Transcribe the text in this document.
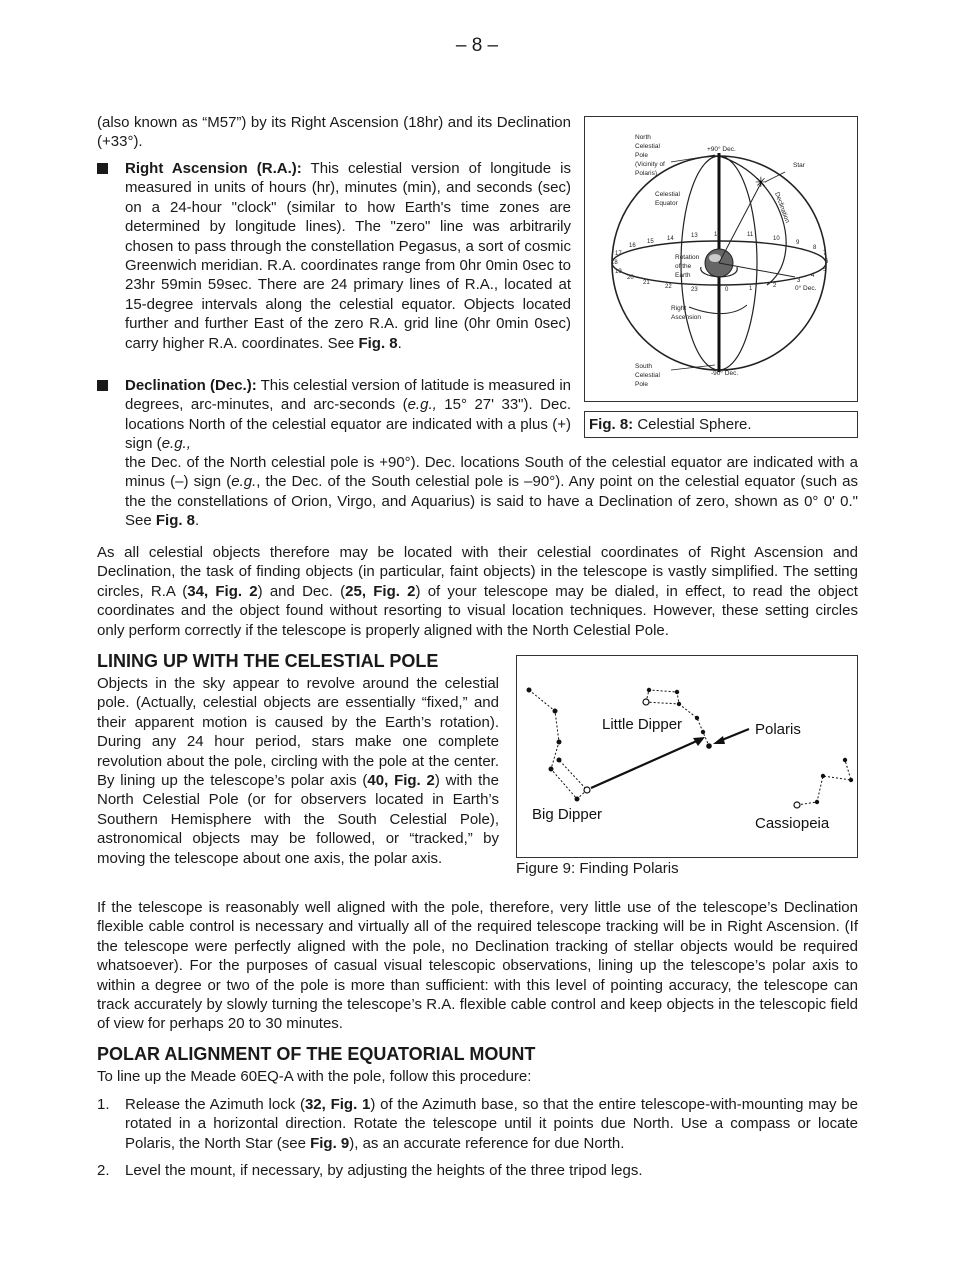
– 8 –

(also known as “M57”) by its Right Ascension (18hr) and its Declination (+33°).

Right Ascension (R.A.): This celestial version of longitude is measured in units of hours (hr), minutes (min), and seconds (sec) on a 24-hour "clock" (similar to how Earth's time zones are determined by longitude lines). The "zero" line was arbitrarily chosen to pass through the constellation Pegasus, a sort of cosmic Greenwich meridian. R.A. coordinates range from 0hr 0min 0sec to 23hr 59min 59sec. There are 24 primary lines of R.A., located at 15-degree intervals along the celestial equator. Objects located further and further East of the zero R.A. grid line (0hr 0min 0sec) carry higher R.A. coordinates. See Fig. 8.

Declination (Dec.): This celestial version of latitude is measured in degrees, arc-minutes, and arc-seconds (e.g., 15° 27' 33"). Dec. locations North of the celestial equator are indicated with a plus (+) sign (e.g.,

the Dec. of the North celestial pole is +90°). Dec. locations South of the celestial equator are indicated with a minus (–) sign (e.g., the Dec. of the South celestial pole is –90°). Any point on the celestial equator (such as the the constellations of Orion, Virgo, and Aquarius) is said to have a Declination of zero, shown as 0° 0' 0." See Fig. 8.

✳
North
Celestial
Pole
(Vicinity of
Polaris)
+90° Dec.
Star
Celestial
Equator	Declination
Rotation
of the
Earth
Right
Ascension
0° Dec.
South
Celestial
Pole
-90° Dec.
17
18
19
16
15 14	13	12	11
10
9
8
7
6
5
4
3
2
1
0
23
22
21
20
Fig. 8: Celestial Sphere.

As all celestial objects therefore may be located with their celestial coordinates of Right Ascension and Declination, the task of finding objects (in particular, faint objects) in the telescope is vastly simplified. The setting circles, R.A (34, Fig. 2) and Dec. (25, Fig. 2) of your telescope may be dialed, in effect, to read the object coordinates and the object found without resorting to visual location techniques. However, these setting circles only perform correctly if the telescope is properly aligned with the North Celestial Pole.

LINING UP WITH THE CELESTIAL POLE

Objects in the sky appear to revolve around the celestial pole. (Actually, celestial objects are essentially “fixed,” and their apparent motion is caused by the Earth’s rotation). During any 24 hour period, stars make one complete revolution about the pole, circling with the pole at the center. By lining up the telescope’s polar axis (40, Fig. 2) with the North Celestial Pole (or for observers located in Earth’s Southern Hemisphere with the South Celestial Pole), astronomical objects may be followed, or “tracked,” by moving the telescope about one axis, the polar axis.

Little Dipper	Polaris
Big Dipper
Cassiopeia
Figure 9: Finding Polaris

If the telescope is reasonably well aligned with the pole, therefore, very little use of the telescope’s Declination flexible cable control is necessary and virtually all of the required telescope tracking will be in Right Ascension. (If the telescope were perfectly aligned with the pole, no Declination tracking of stellar objects would be required whatsoever). For the purposes of casual visual telescopic observations, lining up the telescope’s polar axis to within a degree or two of the pole is more than sufficient: with this level of pointing accuracy, the telescope can track accurately by slowly turning the telescope’s R.A. flexible cable control and keep objects in the telescopic field of view for perhaps 20 to 30 minutes.

POLAR ALIGNMENT OF THE EQUATORIAL MOUNT

To line up the Meade 60EQ-A with the pole, follow this procedure:

1. Release the Azimuth lock (32, Fig. 1) of the Azimuth base, so that the entire telescope-with-mounting may be rotated in a horizontal direction. Rotate the telescope until it points due North. Use a compass or locate Polaris, the North Star (see Fig. 9), as an accurate reference for due North.

2. Level the mount, if necessary, by adjusting the heights of the three tripod legs.
